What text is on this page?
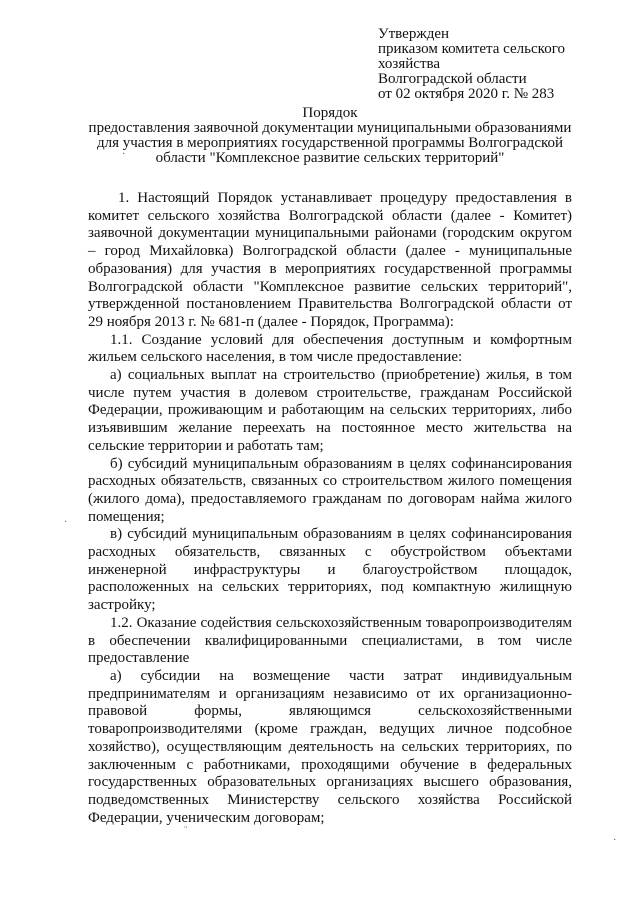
Утвержден
приказом комитета сельского
хозяйства
Волгоградской области
от 02 октября 2020 г. № 283
Порядок
предоставления заявочной документации муниципальными образованиями
для участия в мероприятиях государственной программы Волгоградской
области "Комплексное развитие сельских территорий"

1. Настоящий Порядок устанавливает процедуру предоставления в комитет сельского хозяйства Волгоградской области (далее - Комитет) заявочной документации муниципальными районами (городским округом – город Михайловка) Волгоградской области (далее - муниципальные образования) для участия в мероприятиях государственной программы Волгоградской области "Комплексное развитие сельских территорий", утвержденной постановлением Правительства Волгоградской области от 29 ноября 2013 г. № 681-п (далее - Порядок, Программа):

1.1. Создание условий для обеспечения доступным и комфортным жильем сельского населения, в том числе предоставление:

а) социальных выплат на строительство (приобретение) жилья, в том числе путем участия в долевом строительстве, гражданам Российской Федерации, проживающим и работающим на сельских территориях, либо изъявившим желание переехать на постоянное место жительства на сельские территории и работать там;

б) субсидий муниципальным образованиям в целях софинансирования расходных обязательств, связанных со строительством жилого помещения (жилого дома), предоставляемого гражданам по договорам найма жилого помещения;

в) субсидий муниципальным образованиям в целях софинансирования расходных обязательств, связанных с обустройством объектами инженерной инфраструктуры и благоустройством площадок, расположенных на сельских территориях, под компактную жилищную застройку;

1.2. Оказание содействия сельскохозяйственным товаропроизводителям в обеспечении квалифицированными специалистами, в том числе предоставление

а) субсидии на возмещение части затрат индивидуальным предпринимателям и организациям независимо от их организационно-правовой формы, являющимся сельскохозяйственными товаропроизводителями (кроме граждан, ведущих личное подсобное хозяйство), осуществляющим деятельность на сельских территориях, по заключенным с работниками, проходящими обучение в федеральных государственных образовательных организациях высшего образования, подведомственных Министерству сельского хозяйства Российской Федерации, ученическим договорам;

·
·
¨
·
